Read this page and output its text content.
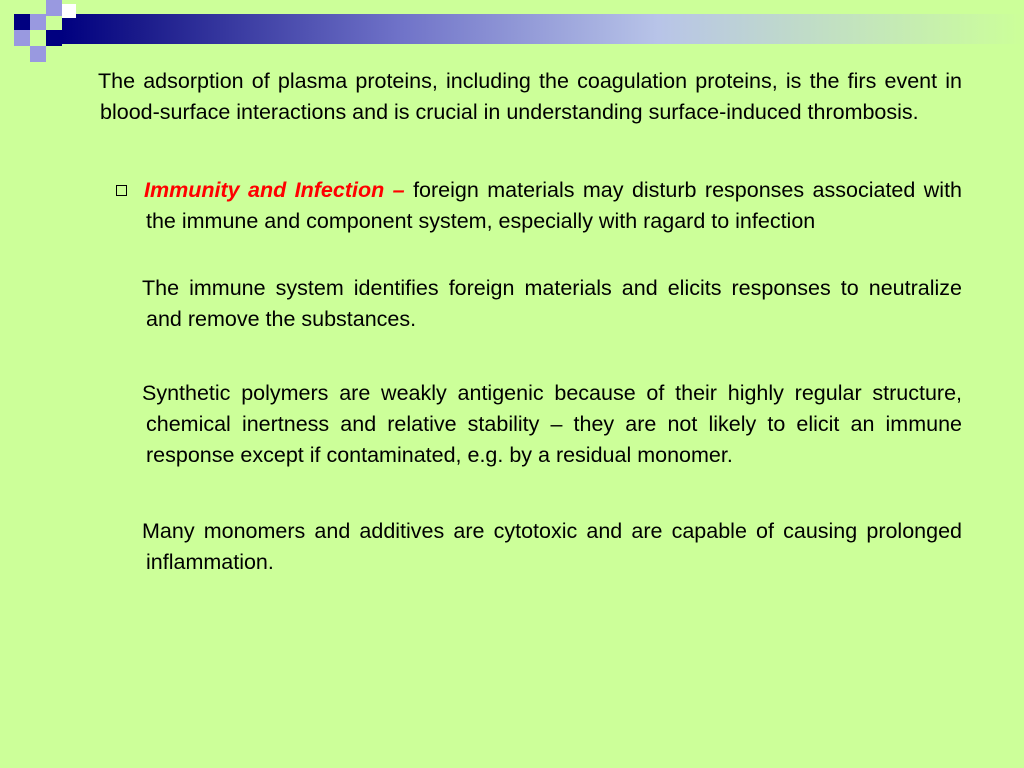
The adsorption of plasma proteins, including the coagulation proteins, is the firs event in blood-surface interactions and is crucial in understanding surface-induced thrombosis.

Immunity and Infection – foreign materials may disturb responses associated with the immune and component system, especially with ragard to infection

The immune system identifies foreign materials and elicits responses to neutralize and remove the substances.

Synthetic polymers are weakly antigenic because of their highly regular structure, chemical inertness and relative stability – they are not likely to elicit an immune response except if contaminated, e.g. by a residual monomer.

Many monomers and additives are cytotoxic and are capable of causing prolonged inflammation.
